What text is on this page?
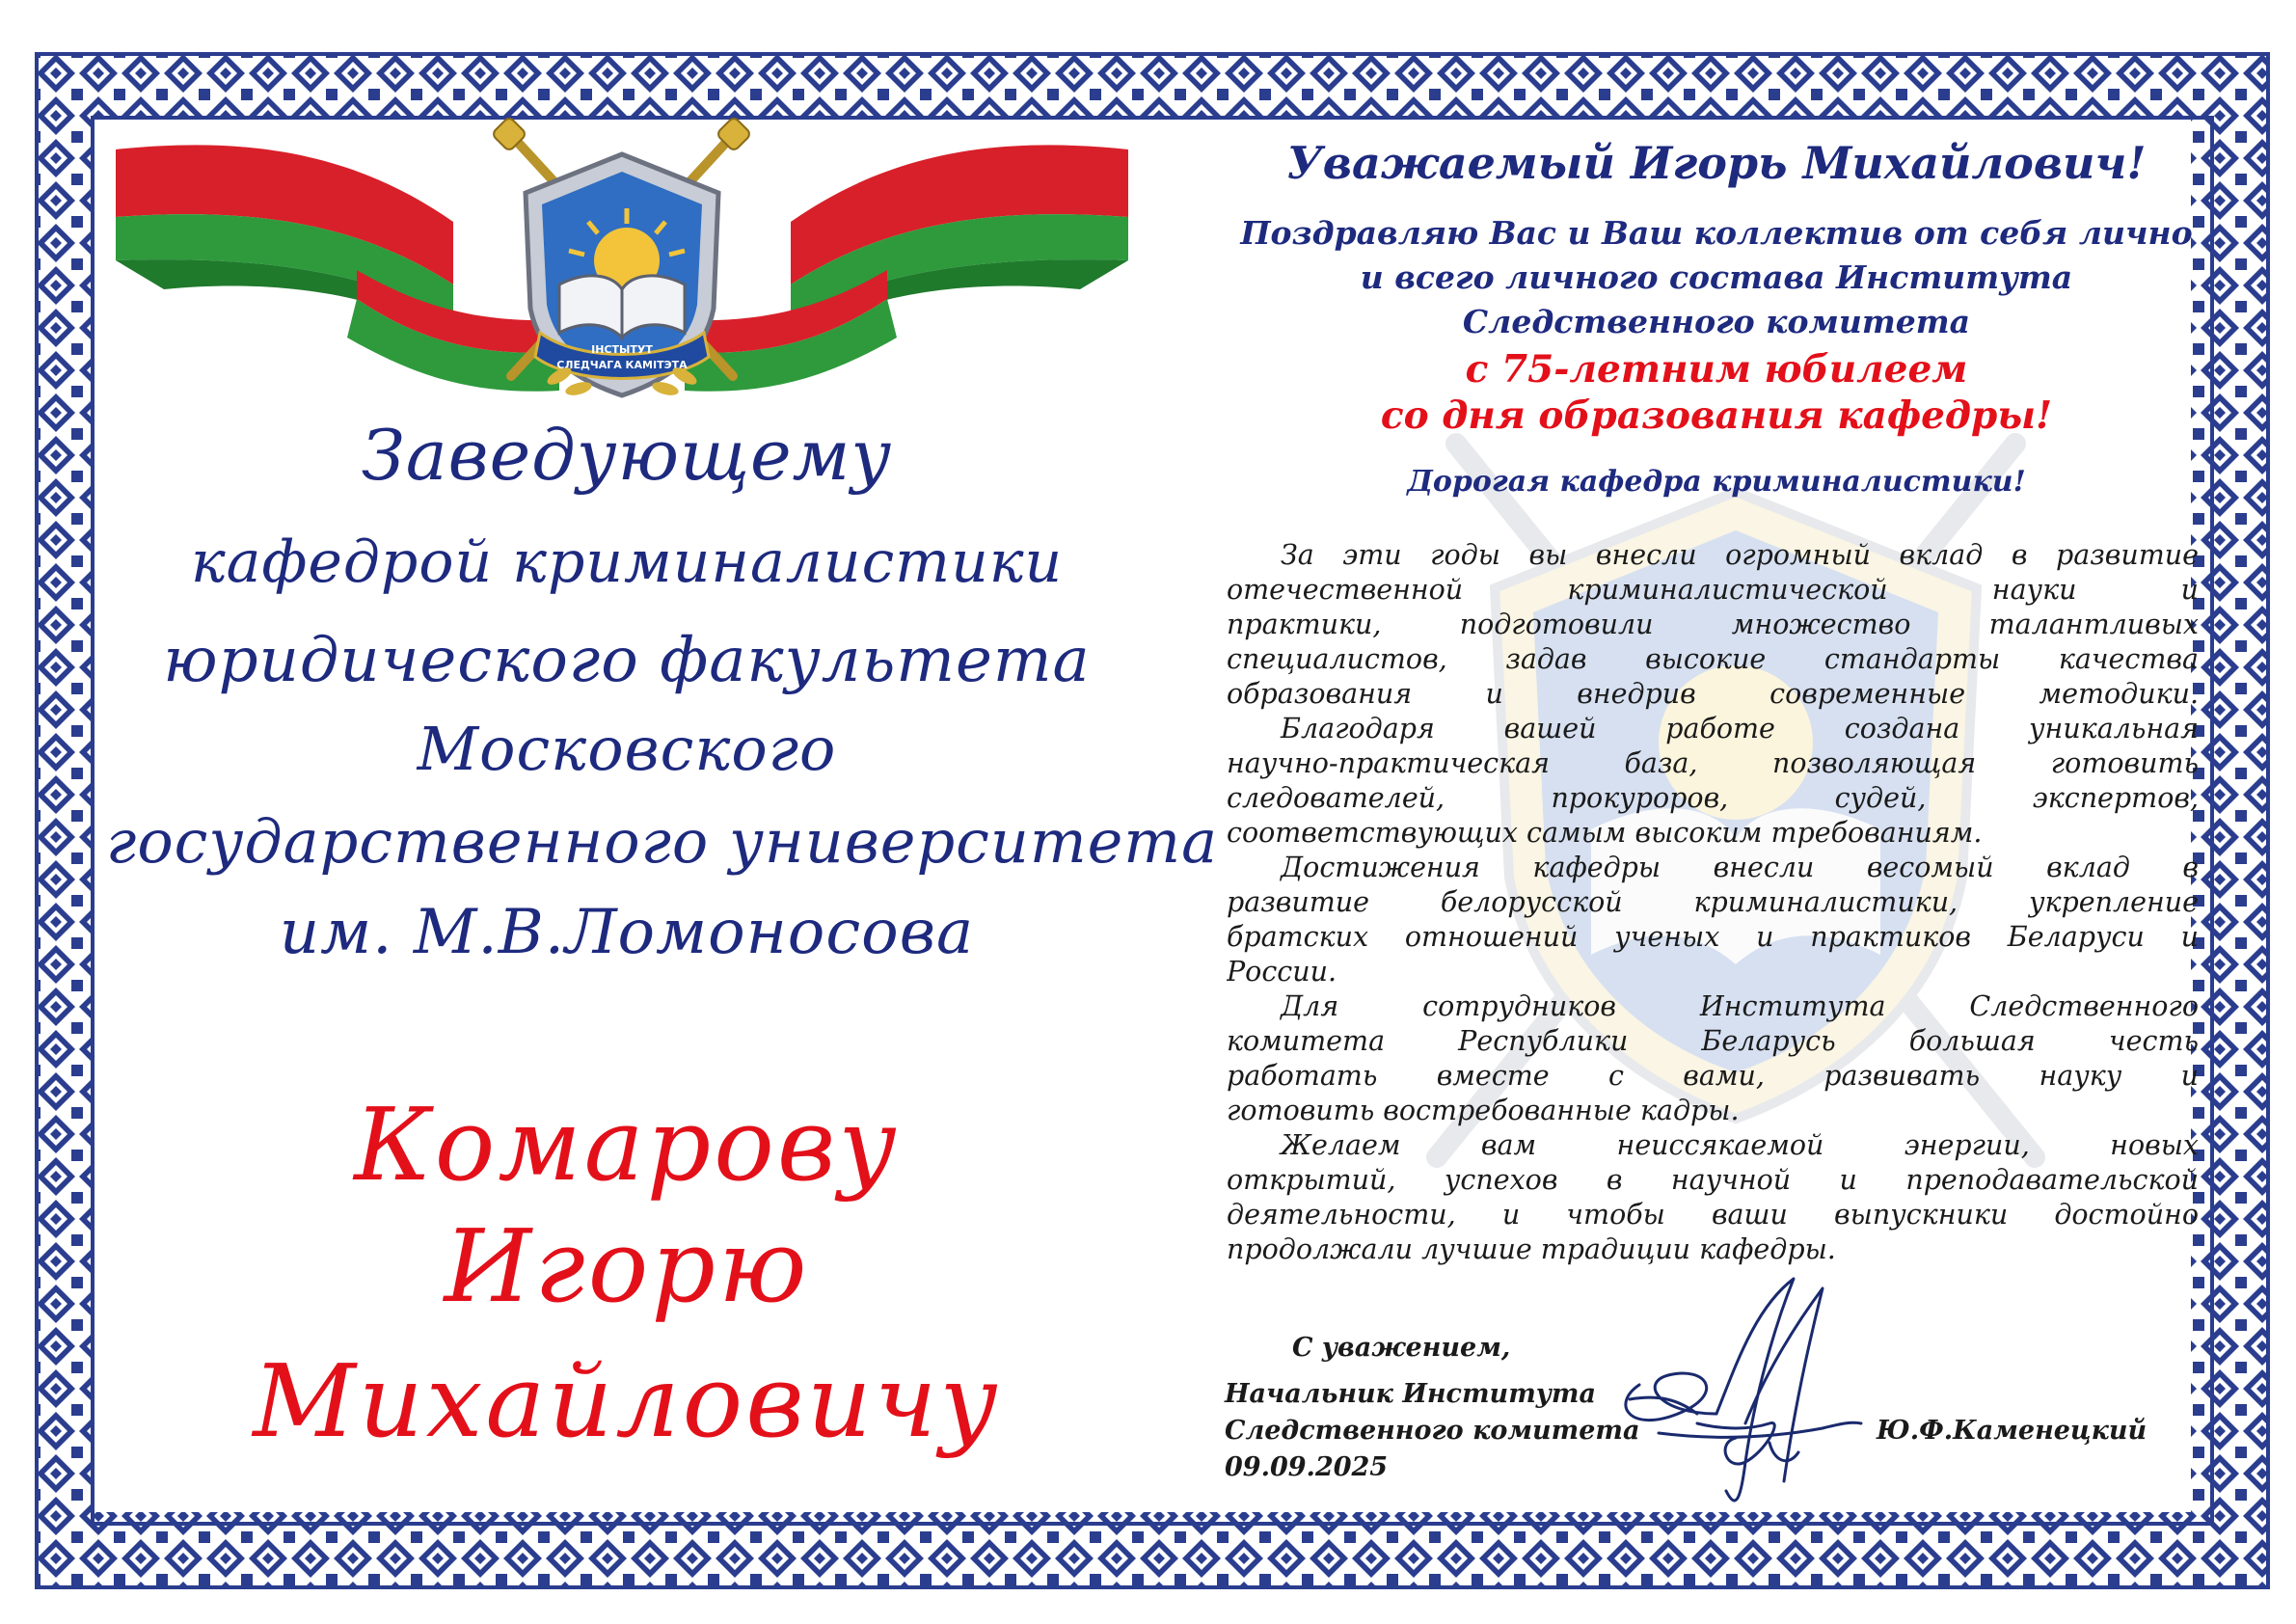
ІНСТЫТУТ
СЛЕДЧАГА КАМІТЭТА
Заведующему
кафедрой криминалистики
юридического факультета
Московского
государственного университета
им. М.В.Ломоносова
Комарову
Игорю
Михайловичу
Уважаемый Игорь Михайлович!
Поздравляю Вас и Ваш коллектив от себя лично
и всего личного состава Института
Следственного комитета
с 75-летним юбилеем
со дня образования кафедры!
Дорогая кафедра криминалистики!
За эти годы вы внесли огромный вклад в развитие
отечественной криминалистической науки и
практики, подготовили множество талантливых
специалистов, задав высокие стандарты качества
образования и внедрив современные методики.
Благодаря вашей работе создана уникальная
научно-практическая база, позволяющая готовить
следователей, прокуроров, судей, экспертов,
соответствующих самым высоким требованиям.
Достижения кафедры внесли весомый вклад в
развитие белорусской криминалистики, укрепление
братских отношений ученых и практиков Беларуси и
России.
Для сотрудников Института Следственного
комитета Республики Беларусь большая честь
работать вместе с вами, развивать науку и
готовить востребованные кадры.
Желаем вам неиссякаемой энергии, новых
открытий, успехов в научной и преподавательской
деятельности, и чтобы ваши выпускники достойно
продолжали лучшие традиции кафедры.
С уважением,
Начальник Института
Следственного комитета
09.09.2025
Ю.Ф.Каменецкий
